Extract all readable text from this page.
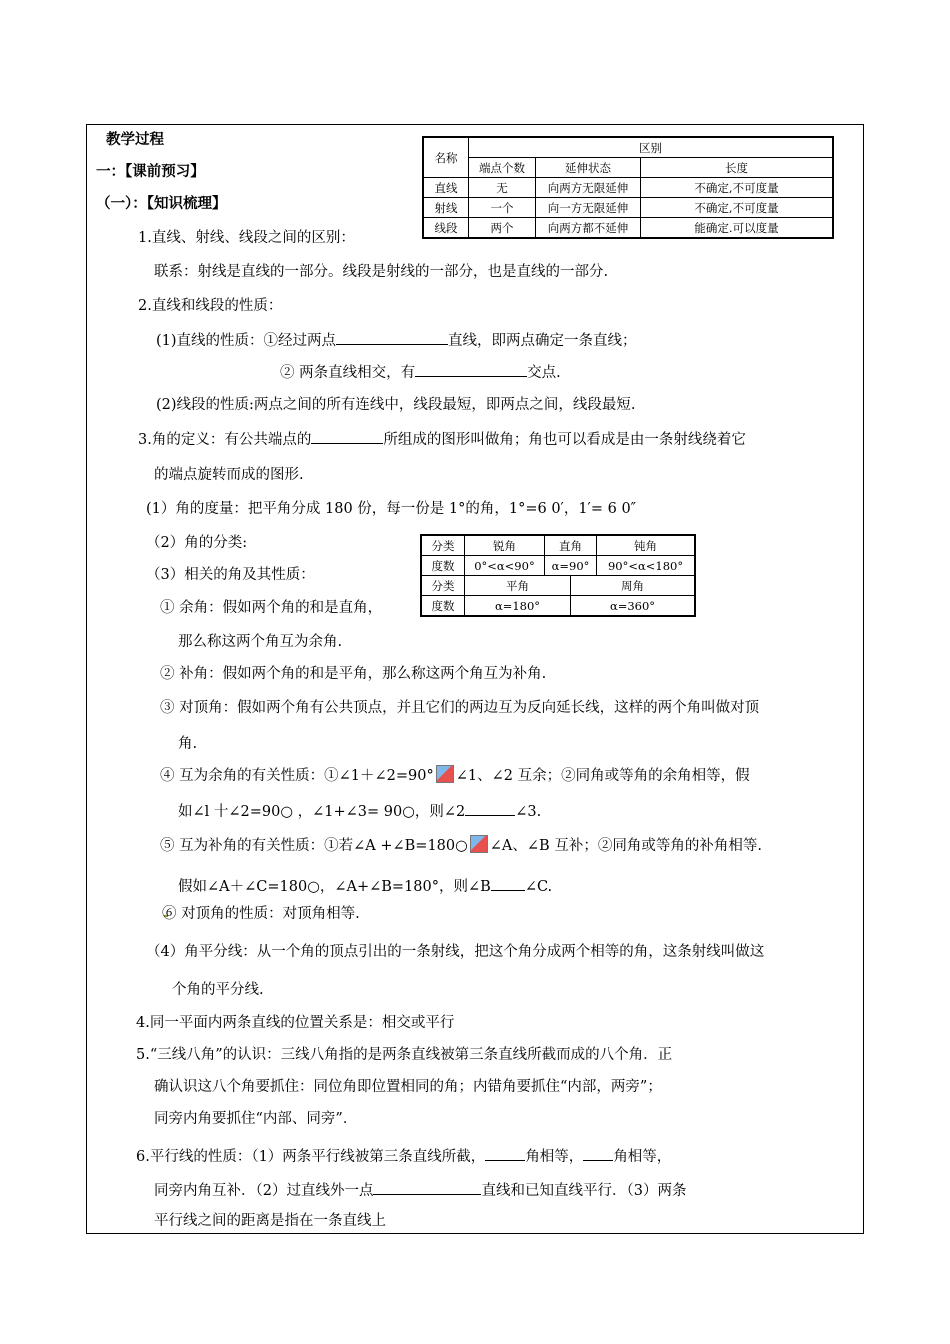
教学过程
一：【课前预习】
（一）：【知识梳理】
名称	区别		
	端点个数	延伸状态	长度
直线	无	向两方无限延伸	不确定,不可度量
射线	一个	向一方无限延伸	不确定,不可度量
线段	两个	向两方都不延伸	能确定.可以度量
1.直线、射线、线段之间的区别：
联系：射线是直线的一部分。线段是射线的一部分，也是直线的一部分.
2.直线和线段的性质：
(1)直线的性质：①经过两点	直线，即两点确定一条直线；
② 两条直线相交，有	交点.
(2)线段的性质:两点之间的所有连线中，线段最短，即两点之间，线段最短.
3.角的定义：有公共端点的	所组成的图形叫做角；角也可以看成是由一条射线绕着它
的端点旋转而成的图形.
(1）角的度量：把平角分成 180 份，每一份是 1°的角，1°=6 0′，1′= 6 0″
（2）角的分类:
（3）相关的角及其性质：
分类	锐角	直角		钝角
度数	0°<α<90°	α=90°		90°<α<180°
分类	平角		周角	
度数	α=180°		α=360°	
① 余角：假如两个角的和是直角，
那么称这两个角互为余角.
② 补角：假如两个角的和是平角，那么称这两个角互为补角.
③ 对顶角：假如两个角有公共顶点，并且它们的两边互为反向延长线，这样的两个角叫做对顶
角.
④ 互为余角的有关性质：①∠1＋∠2=90° ∠1、∠2 互余；②同角或等角的余角相等，假
如∠l 十∠2=90○ ，∠1+∠3= 90○，则∠2	∠3.
⑤ 互为补角的有关性质：①若∠A +∠B=180○ ∠A、∠B 互补；②同角或等角的补角相等.
假如∠A＋∠C=180○，∠A+∠B=180°，则∠B ∠C.
⑥ 对顶角的性质：对顶角相等.
（4）角平分线：从一个角的顶点引出的一条射线，把这个角分成两个相等的角，这条射线叫做这
个角的平分线.
4.同一平面内两条直线的位置关系是：相交或平行
5.“三线八角”的认识：三线八角指的是两条直线被第三条直线所截而成的八个角．正
确认识这八个角要抓住：同位角即位置相同的角；内错角要抓住“内部，两旁”；
同旁内角要抓住“内部、同旁”．
6.平行线的性质：（1）两条平行线被第三条直线所截，	角相等， 角相等，
同旁内角互补．（2）过直线外一点	直线和已知直线平行．（3）两条
平行线之间的距离是指在一条直线上
